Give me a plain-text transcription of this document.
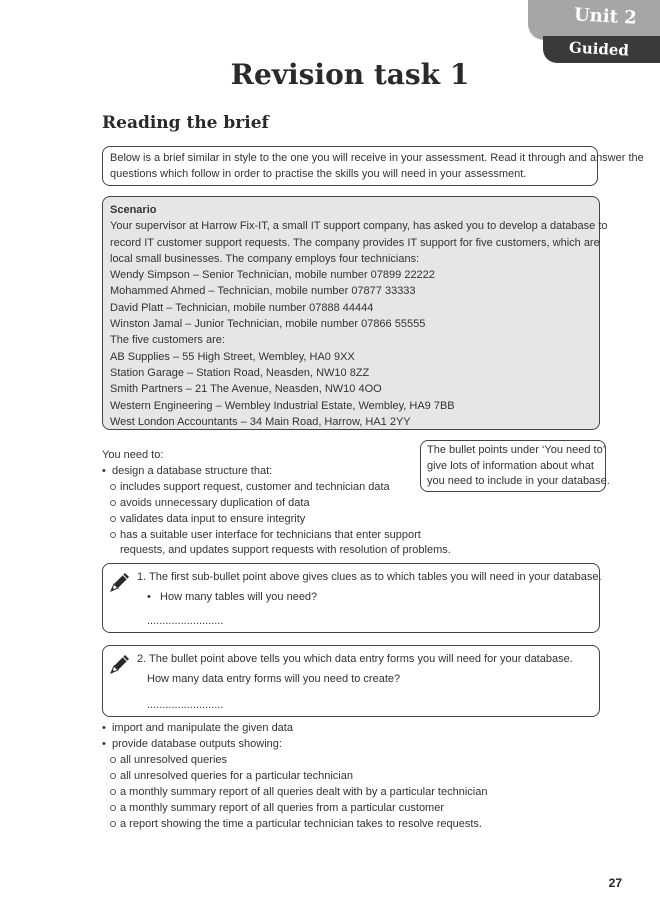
Unit 2
Guided
Revision task 1
Reading the brief
Below is a brief similar in style to the one you will receive in your assessment. Read it through and answer the
questions which follow in order to practise the skills you will need in your assessment.
Scenario
Your supervisor at Harrow Fix-IT, a small IT support company, has asked you to develop a database to
record IT customer support requests. The company provides IT support for five customers, which are
local small businesses. The company employs four technicians:
Wendy Simpson – Senior Technician, mobile number 07899 22222
Mohammed Ahmed – Technician, mobile number 07877 33333
David Platt – Technician, mobile number 07888 44444
Winston Jamal – Junior Technician, mobile number 07866 55555
The five customers are:
AB Supplies – 55 High Street, Wembley, HA0 9XX
Station Garage – Station Road, Neasden, NW10 8ZZ
Smith Partners – 21 The Avenue, Neasden, NW10 4OO
Western Engineering – Wembley Industrial Estate, Wembley, HA9 7BB
West London Accountants – 34 Main Road, Harrow, HA1 2YY
The bullet points under ‘You need to’
give lots of information about what
you need to include in your database.
You need to:
•  design a database structure that:
includes support request, customer and technician data
avoids unnecessary duplication of data
validates data input to ensure integrity
has a suitable user interface for technicians that enter support
requests, and updates support requests with resolution of problems.
1. The first sub-bullet point above gives clues as to which tables you will need in your database.
•   How many tables will you need?
.........................
2. The bullet point above tells you which data entry forms you will need for your database.
How many data entry forms will you need to create?
.........................
•  import and manipulate the given data
•  provide database outputs showing:
all unresolved queries
all unresolved queries for a particular technician
a monthly summary report of all queries dealt with by a particular technician
a monthly summary report of all queries from a particular customer
a report showing the time a particular technician takes to resolve requests.
27
